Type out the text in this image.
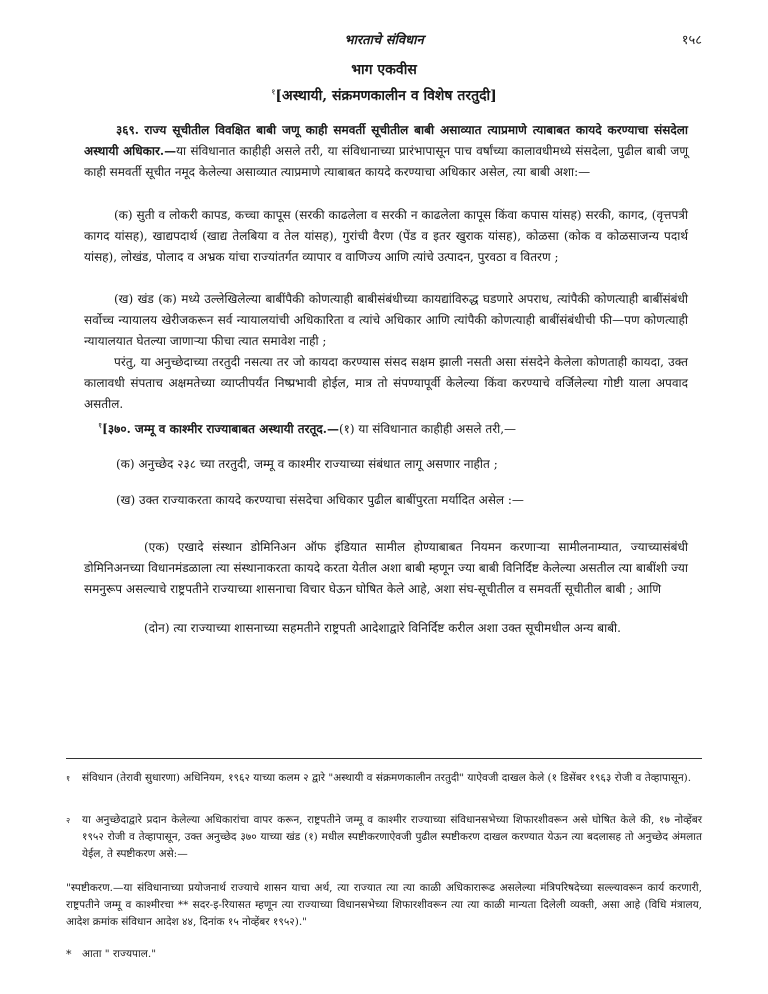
भारताचे संविधान	१५८
भाग एकवीस
$^१$[अस्थायी, संक्रमणकालीन व विशेष तरतुदी]
३६९. राज्य सूचीतील विवक्षित बाबी जणू काही समवर्ती सूचीतील बाबी असाव्यात त्याप्रमाणे त्याबाबत कायदे करण्याचा संसदेला अस्थायी अधिकार.—या संविधानात काहीही असले तरी, या संविधानाच्या प्रारंभापासून पाच वर्षांच्या कालावधीमध्ये संसदेला, पुढील बाबी जणू काही समवर्ती सूचीत नमूद केलेल्या असाव्यात त्याप्रमाणे त्याबाबत कायदे करण्याचा अधिकार असेल, त्या बाबी अशा:—
(क) सुती व लोकरी कापड, कच्चा कापूस (सरकी काढलेला व सरकी न काढलेला कापूस किंवा कपास यांसह) सरकी, कागद, (वृत्तपत्री कागद यांसह), खाद्यपदार्थ (खाद्य तेलबिया व तेल यांसह), गुरांची वैरण (पेंड व इतर खुराक यांसह), कोळसा (कोक व कोळसाजन्य पदार्थ यांसह), लोखंड, पोलाद व अभ्रक यांचा राज्यांतर्गत व्यापार व वाणिज्य आणि त्यांचे उत्पादन, पुरवठा व वितरण ;
(ख) खंड (क) मध्ये उल्लेखिलेल्या बाबींपैकी कोणत्याही बाबीसंबंधीच्या कायद्यांविरुद्ध घडणारे अपराध, त्यांपैकी कोणत्याही बाबींसंबंधी सर्वोच्च न्यायालय खेरीजकरून सर्व न्यायालयांची अधिकारिता व त्यांचे अधिकार आणि त्यांपैकी कोणत्याही बाबींसंबंधीची फी—पण कोणत्याही न्यायालयात घेतल्या जाणाऱ्या फीचा त्यात समावेश नाही ;
परंतु, या अनुच्छेदाच्या तरतुदी नसत्या तर जो कायदा करण्यास संसद सक्षम झाली नसती असा संसदेने केलेला कोणताही कायदा, उक्त कालावधी संपताच अक्षमतेच्या व्याप्तीपर्यंत निष्प्रभावी होईल, मात्र तो संपण्यापूर्वी केलेल्या किंवा करण्याचे वर्जिलेल्या गोष्टी याला अपवाद असतील.
$^१$[३७०. जम्मू व काश्मीर राज्याबाबत अस्थायी तरतूद.—(१) या संविधानात काहीही असले तरी,—
(क) अनुच्छेद २३८ च्या तरतुदी, जम्मू व काश्मीर राज्याच्या संबंधात लागू असणार नाहीत ;
(ख) उक्त राज्याकरता कायदे करण्याचा संसदेचा अधिकार पुढील बाबींपुरता मर्यादित असेल :—
(एक) एखादे संस्थान डोमिनिअन ऑफ इंडियात सामील होण्याबाबत नियमन करणाऱ्या सामीलनाम्यात, ज्याच्यासंबंधी डोमिनिअनच्या विधानमंडळाला त्या संस्थानाकरता कायदे करता येतील अशा बाबी म्हणून ज्या बाबी विनिर्दिष्ट केलेल्या असतील त्या बाबींशी ज्या समनुरूप असल्याचे राष्ट्रपतीने राज्याच्या शासनाचा विचार घेऊन घोषित केले आहे, अशा संघ-सूचीतील व समवर्ती सूचीतील बाबी ; आणि
(दोन) त्या राज्याच्या शासनाच्या सहमतीने राष्ट्रपती आदेशाद्वारे विनिर्दिष्ट करील अशा उक्त सूचीमधील अन्य बाबी.
१ संविधान (तेरावी सुधारणा) अधिनियम, १९६२ याच्या कलम २ द्वारे "अस्थायी व संक्रमणकालीन तरतुदी" याऐवजी दाखल केले (१ डिसेंबर १९६३ रोजी व तेव्हापासून).
२ या अनुच्छेदाद्वारे प्रदान केलेल्या अधिकारांचा वापर करून, राष्ट्रपतीने जम्मू व काश्मीर राज्याच्या संविधानसभेच्या शिफारशीवरून असे घोषित केले की, १७ नोव्हेंबर १९५२ रोजी व तेव्हापासून, उक्त अनुच्छेद ३७० याच्या खंड (१) मधील स्पष्टीकरणाऐवजी पुढील स्पष्टीकरण दाखल करण्यात येऊन त्या बदलासह तो अनुच्छेद अंमलात येईल, ते स्पष्टीकरण असे:—
"स्पष्टीकरण.—या संविधानाच्या प्रयोजनार्थ राज्याचे शासन याचा अर्थ, त्या राज्यात त्या त्या काळी अधिकारारूढ असलेल्या मंत्रिपरिषदेच्या सल्ल्यावरून कार्य करणारी, राष्ट्रपतीने जम्मू व काश्मीरचा ** सदर-इ-रियासत म्हणून त्या राज्याच्या विधानसभेच्या शिफारशीवरून त्या त्या काळी मान्यता दिलेली व्यक्ती, असा आहे (विधि मंत्रालय, आदेश क्रमांक संविधान आदेश ४४, दिनांक १५ नोव्हेंबर १९५२)."
* आता " राज्यपाल."
